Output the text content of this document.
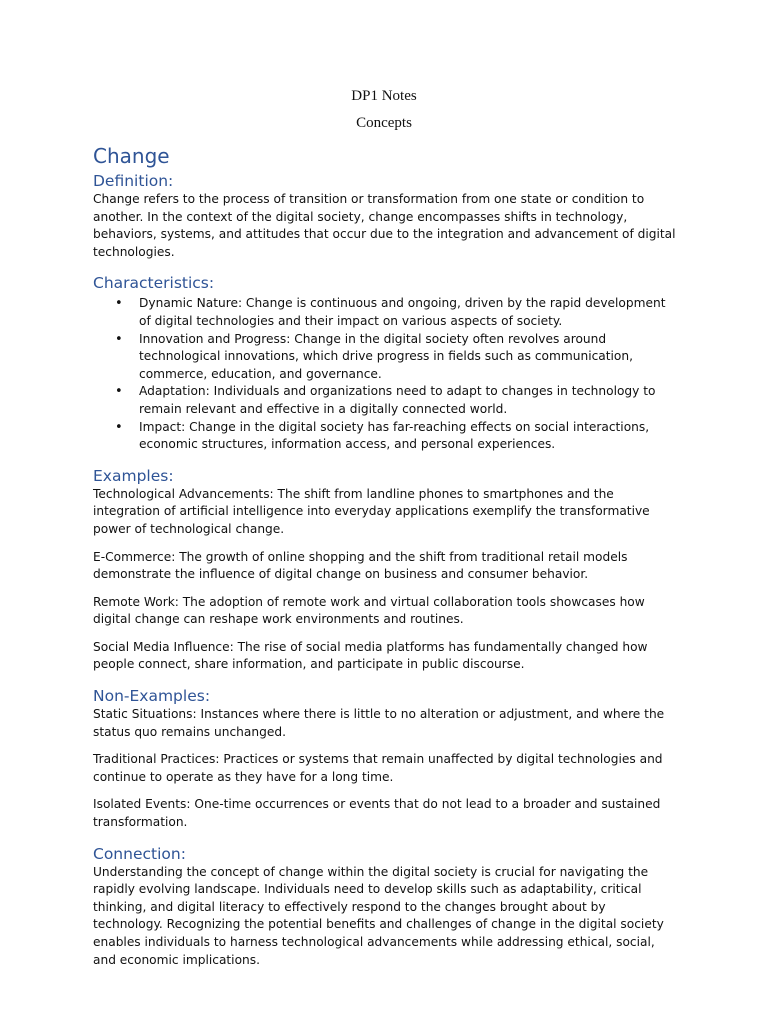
DP1 Notes

Concepts

Change
Definition:

Change refers to the process of transition or transformation from one state or condition to another. In the context of the digital society, change encompasses shifts in technology, behaviors, systems, and attitudes that occur due to the integration and advancement of digital technologies.

Characteristics:
• Dynamic Nature: Change is continuous and ongoing, driven by the rapid development of digital technologies and their impact on various aspects of society.
• Innovation and Progress: Change in the digital society often revolves around technological innovations, which drive progress in fields such as communication, commerce, education, and governance.
• Adaptation: Individuals and organizations need to adapt to changes in technology to remain relevant and effective in a digitally connected world.
• Impact: Change in the digital society has far-reaching effects on social interactions, economic structures, information access, and personal experiences.
Examples:

Technological Advancements: The shift from landline phones to smartphones and the integration of artificial intelligence into everyday applications exemplify the transformative power of technological change.

E-Commerce: The growth of online shopping and the shift from traditional retail models demonstrate the influence of digital change on business and consumer behavior.

Remote Work: The adoption of remote work and virtual collaboration tools showcases how digital change can reshape work environments and routines.

Social Media Influence: The rise of social media platforms has fundamentally changed how people connect, share information, and participate in public discourse.

Non-Examples:

Static Situations: Instances where there is little to no alteration or adjustment, and where the status quo remains unchanged.

Traditional Practices: Practices or systems that remain unaffected by digital technologies and continue to operate as they have for a long time.

Isolated Events: One-time occurrences or events that do not lead to a broader and sustained transformation.

Connection:

Understanding the concept of change within the digital society is crucial for navigating the rapidly evolving landscape. Individuals need to develop skills such as adaptability, critical thinking, and digital literacy to effectively respond to the changes brought about by technology. Recognizing the potential benefits and challenges of change in the digital society enables individuals to harness technological advancements while addressing ethical, social, and economic implications.
